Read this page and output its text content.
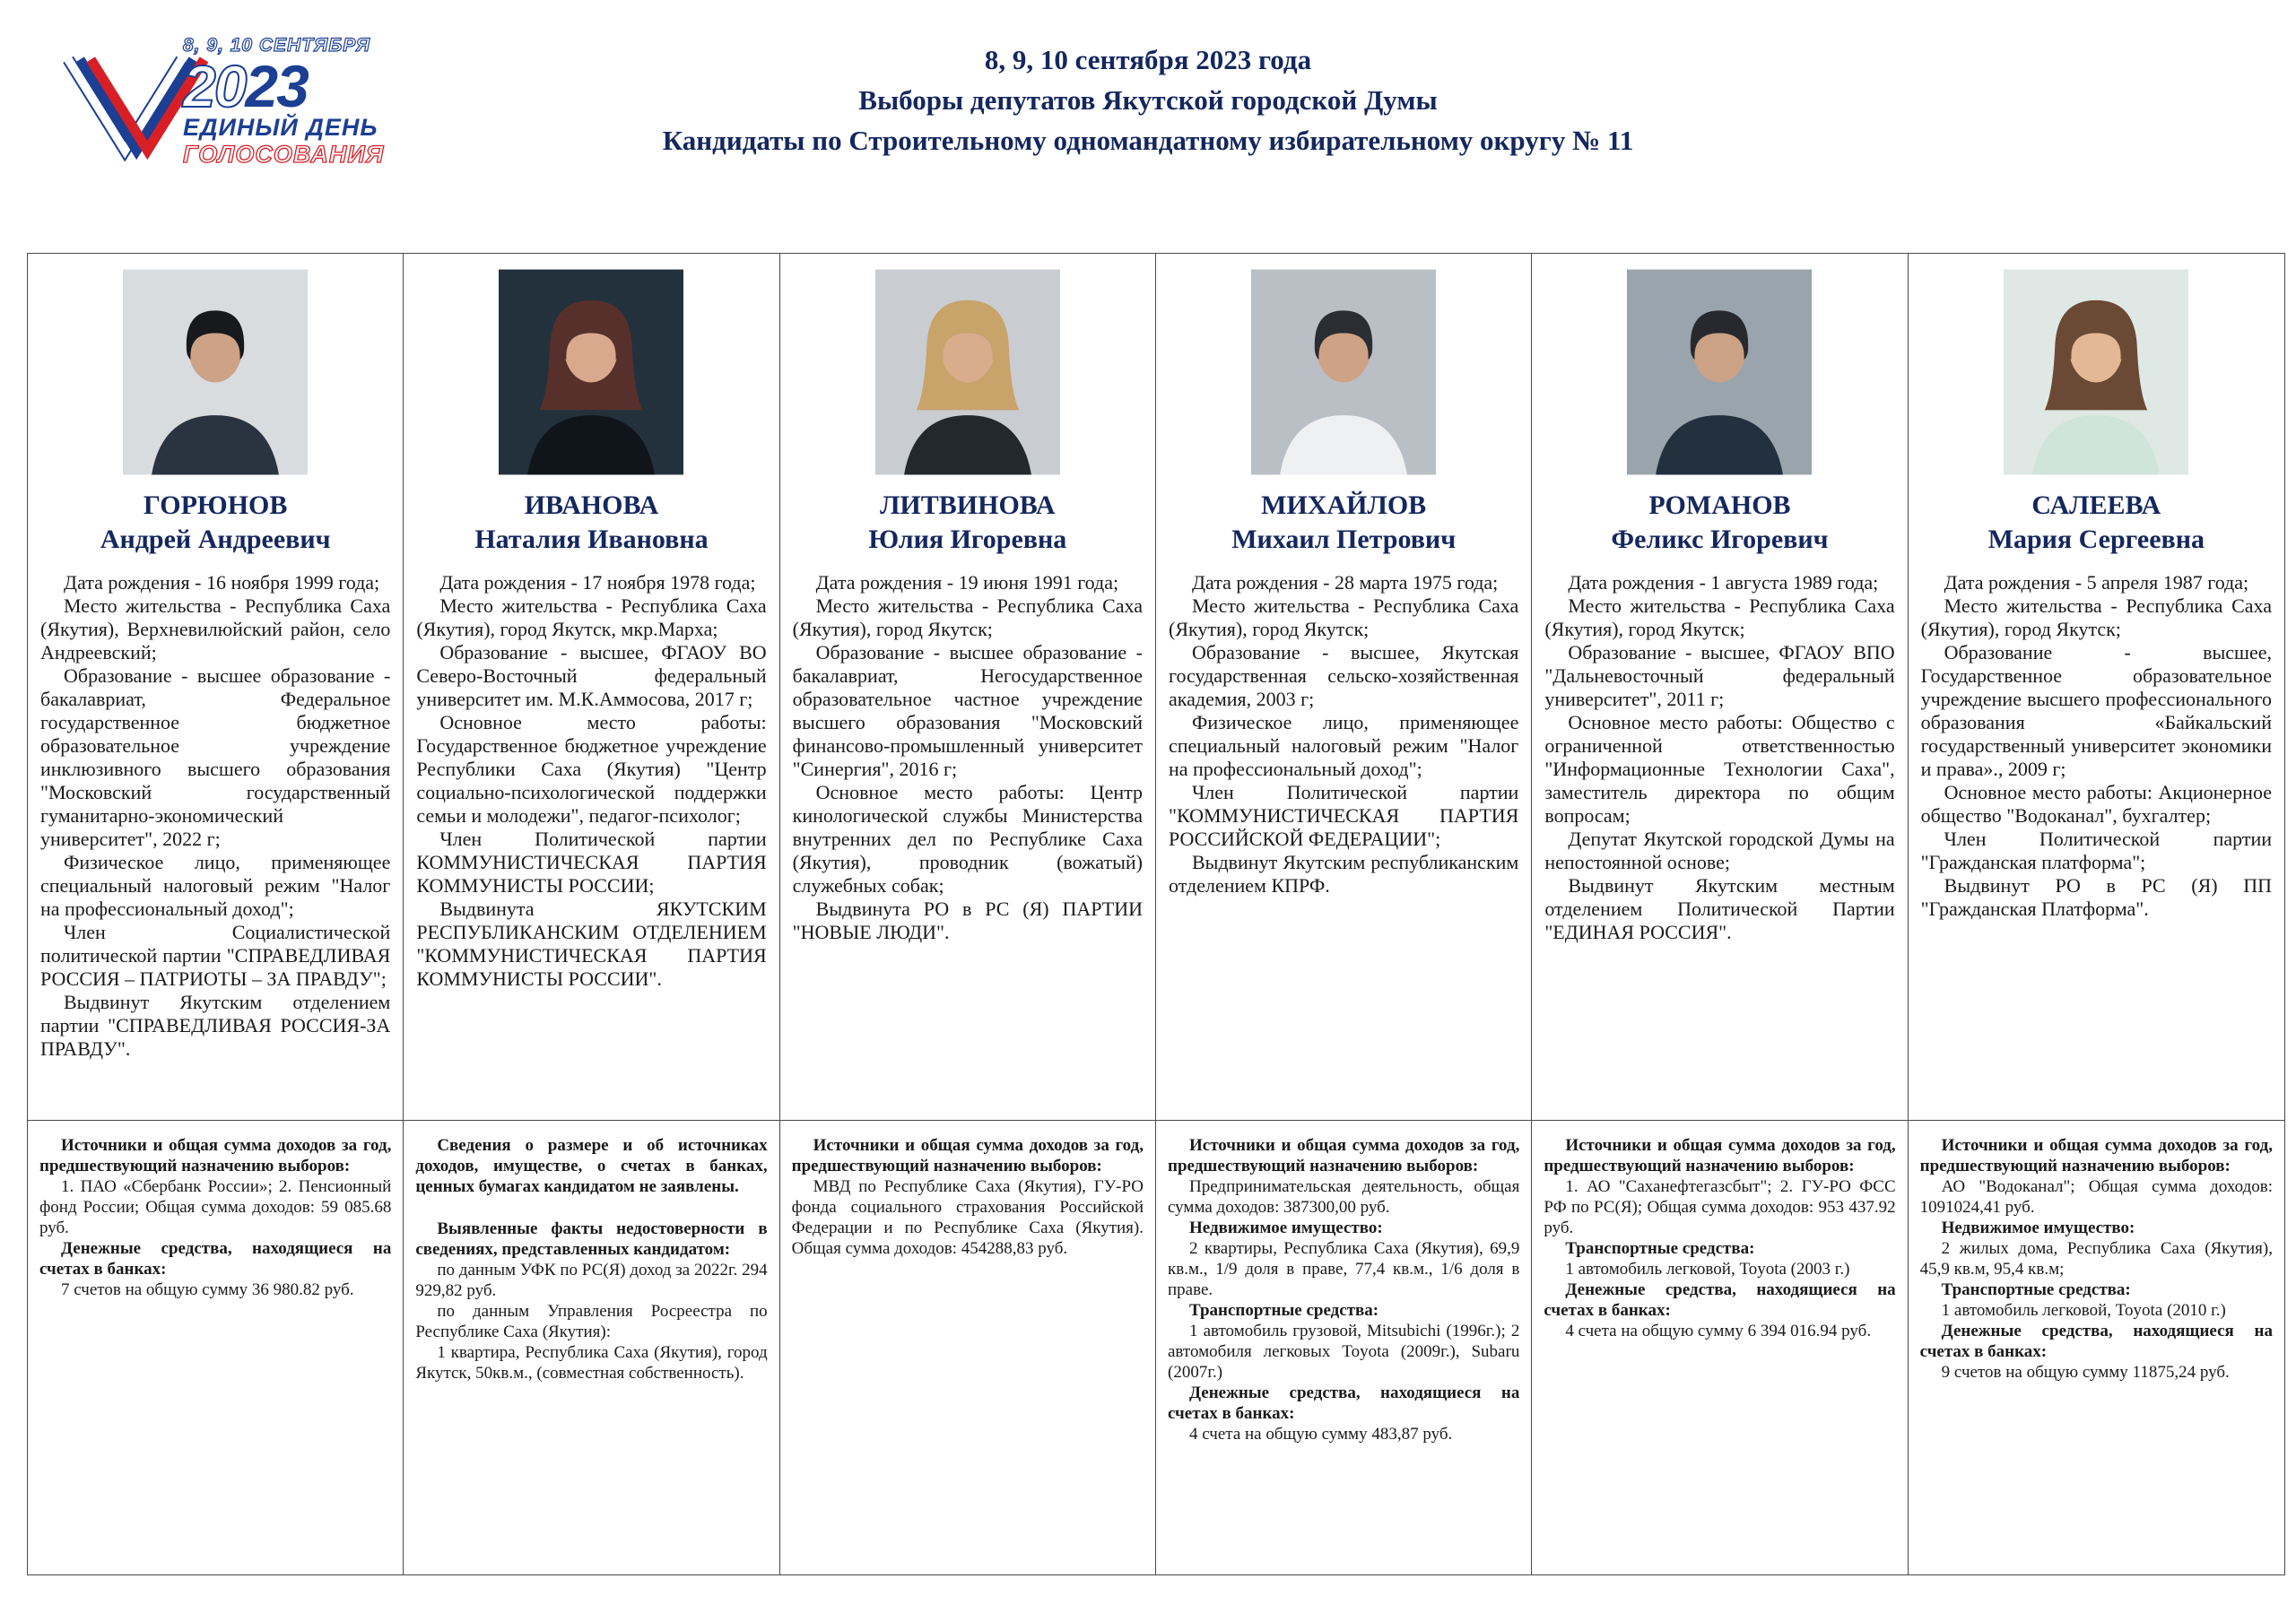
8, 9, 10 СЕНТЯБРЯ
2023
ЕДИНЫЙ ДЕНЬ
ГОЛОСОВАНИЯ
8, 9, 10 сентября 2023 года
Выборы депутатов Якутской городской Думы
Кандидаты по Строительному одномандатному избирательному округу № 11
ГОРЮНОВ
Андрей Андреевич

Дата рождения - 16 ноября 1999 года;

Место жительства - Республика Саха (Якутия), Верхневилюйский район, село Андреевский;

Образование - высшее образование - бакалавриат, Федеральное государственное бюджетное образовательное учреждение инклюзивного высшего образования "Московский государственный гуманитарно-экономический университет", 2022 г;

Физическое лицо, применяющее специальный налоговый режим "Налог на профессиональный доход";

Член Социалистической политической партии "СПРАВЕДЛИВАЯ РОССИЯ – ПАТРИОТЫ – ЗА ПРАВДУ";

Выдвинут Якутским отделением партии "СПРАВЕДЛИВАЯ РОССИЯ-ЗА ПРАВДУ".

Источники и общая сумма доходов за год, предшествующий назначению выборов:

1. ПАО «Сбербанк России»; 2. Пенсионный фонд России; Общая сумма доходов: 59 085.68 руб.

Денежные средства, находящиеся на счетах в банках:

7 счетов на общую сумму 36 980.82 руб.

ИВАНОВА
Наталия Ивановна

Дата рождения - 17 ноября 1978 года;

Место жительства - Республика Саха (Якутия), город Якутск, мкр.Марха;

Образование - высшее, ФГАОУ ВО Северо-Восточный федеральный университет им. М.К.Аммосова, 2017 г;

Основное место работы: Государственное бюджетное учреждение Республики Саха (Якутия) "Центр социально-психологической поддержки семьи и молодежи", педагог-психолог;

Член Политической партии КОММУНИСТИЧЕСКАЯ ПАРТИЯ КОММУНИСТЫ РОССИИ;

Выдвинута ЯКУТСКИМ РЕСПУБЛИКАНСКИМ ОТДЕЛЕНИЕМ "КОММУНИСТИЧЕСКАЯ ПАРТИЯ КОММУНИСТЫ РОССИИ".

Сведения о размере и об источниках доходов, имуществе, о счетах в банках, ценных бумагах кандидатом не заявлены.

Выявленные факты недостоверности в сведениях, представленных кандидатом:

по данным УФК по РС(Я) доход за 2022г. 294 929,82 руб.

по данным Управления Росреестра по Республике Саха (Якутия):

1 квартира, Республика Саха (Якутия), город Якутск, 50кв.м., (совместная собственность).

ЛИТВИНОВА
Юлия Игоревна

Дата рождения - 19 июня 1991 года;

Место жительства - Республика Саха (Якутия), город Якутск;

Образование - высшее образование - бакалавриат, Негосударственное образовательное частное учреждение высшего образования "Московский финансово-промышленный университет "Синергия", 2016 г;

Основное место работы: Центр кинологической службы Министерства внутренних дел по Республике Саха (Якутия), проводник (вожатый) служебных собак;

Выдвинута РО в РС (Я) ПАРТИИ "НОВЫЕ ЛЮДИ".

Источники и общая сумма доходов за год, предшествующий назначению выборов:

МВД по Республике Саха (Якутия), ГУ-РО фонда социального страхования Российской Федерации и по Республике Саха (Якутия). Общая сумма доходов: 454288,83 руб.

МИХАЙЛОВ
Михаил Петрович

Дата рождения - 28 марта 1975 года;

Место жительства - Республика Саха (Якутия), город Якутск;

Образование - высшее, Якутская государственная сельско-хозяйственная академия, 2003 г;

Физическое лицо, применяющее специальный налоговый режим "Налог на профессиональный доход";

Член Политической партии "КОММУНИСТИЧЕСКАЯ ПАРТИЯ РОССИЙСКОЙ ФЕДЕРАЦИИ";

Выдвинут Якутским республиканским отделением КПРФ.

Источники и общая сумма доходов за год, предшествующий назначению выборов:

Предпринимательская деятельность, общая сумма доходов: 387300,00 руб.

Недвижимое имущество:

2 квартиры, Республика Саха (Якутия), 69,9 кв.м., 1/9 доля в праве, 77,4 кв.м., 1/6 доля в праве.

Транспортные средства:

1 автомобиль грузовой, Mitsubichi (1996г.); 2 автомобиля легковых Toyota (2009г.), Subaru (2007г.)

Денежные средства, находящиеся на счетах в банках:

4 счета на общую сумму 483,87 руб.

РОМАНОВ
Феликс Игоревич

Дата рождения - 1 августа 1989 года;

Место жительства - Республика Саха (Якутия), город Якутск;

Образование - высшее, ФГАОУ ВПО "Дальневосточный федеральный университет", 2011 г;

Основное место работы: Общество с ограниченной ответственностью "Информационные Технологии Саха", заместитель директора по общим вопросам;

Депутат Якутской городской Думы на непостоянной основе;

Выдвинут Якутским местным отделением Политической Партии "ЕДИНАЯ РОССИЯ".

Источники и общая сумма доходов за год, предшествующий назначению выборов:

1. АО "Саханефтегазсбыт"; 2. ГУ-РО ФСС РФ по РС(Я); Общая сумма доходов: 953 437.92 руб.

Транспортные средства:

1 автомобиль легковой, Toyota (2003 г.)

Денежные средства, находящиеся на счетах в банках:

4 счета на общую сумму 6 394 016.94 руб.

САЛЕЕВА
Мария Сергеевна

Дата рождения - 5 апреля 1987 года;

Место жительства - Республика Саха (Якутия), город Якутск;

Образование - высшее, Государственное образовательное учреждение высшего профессионального образования «Байкальский государственный университет экономики и права»., 2009 г;

Основное место работы: Акционерное общество "Водоканал", бухгалтер;

Член Политической партии "Гражданская платформа";

Выдвинут РО в РС (Я) ПП "Гражданская Платформа".

Источники и общая сумма доходов за год, предшествующий назначению выборов:

АО "Водоканал"; Общая сумма доходов: 1091024,41 руб.

Недвижимое имущество:

2 жилых дома, Республика Саха (Якутия), 45,9 кв.м, 95,4 кв.м;

Транспортные средства:

1 автомобиль легковой, Toyota (2010 г.)

Денежные средства, находящиеся на счетах в банках:

9 счетов на общую сумму 11875,24 руб.
